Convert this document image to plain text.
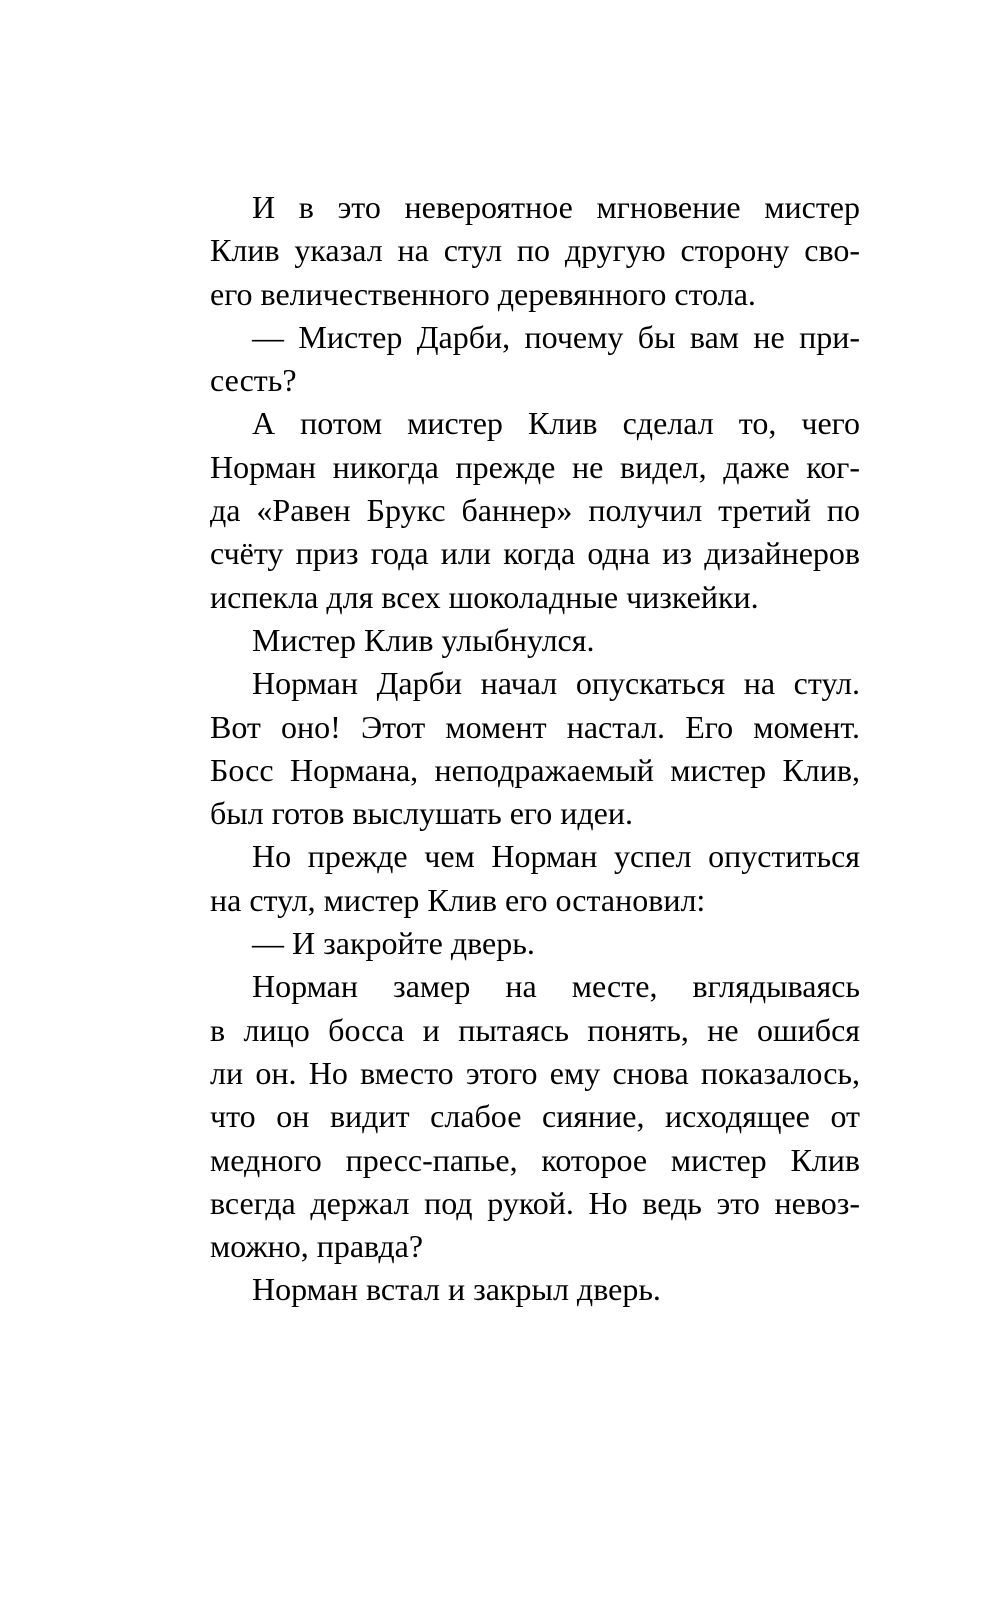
И в это невероятное мгновение мистер
Клив указал на стул по другую сторону сво-
его величественного деревянного стола.

— Мистер Дарби, почему бы вам не при-
сесть?

А потом мистер Клив сделал то, чего
Норман никогда прежде не видел, даже ког-
да «Равен Брукс баннер» получил третий по
счёту приз года или когда одна из дизайнеров
испекла для всех шоколадные чизкейки.

Мистер Клив улыбнулся.

Норман Дарби начал опускаться на стул.
Вот оно! Этот момент настал. Его момент.
Босс Нормана, неподражаемый мистер Клив,
был готов выслушать его идеи.

Но прежде чем Норман успел опуститься
на стул, мистер Клив его остановил:

— И закройте дверь.

Норман замер на месте, вглядываясь
в лицо босса и пытаясь понять, не ошибся
ли он. Но вместо этого ему снова показалось,
что он видит слабое сияние, исходящее от
медного пресс-папье, которое мистер Клив
всегда держал под рукой. Но ведь это невоз-
можно, правда?

Норман встал и закрыл дверь.
